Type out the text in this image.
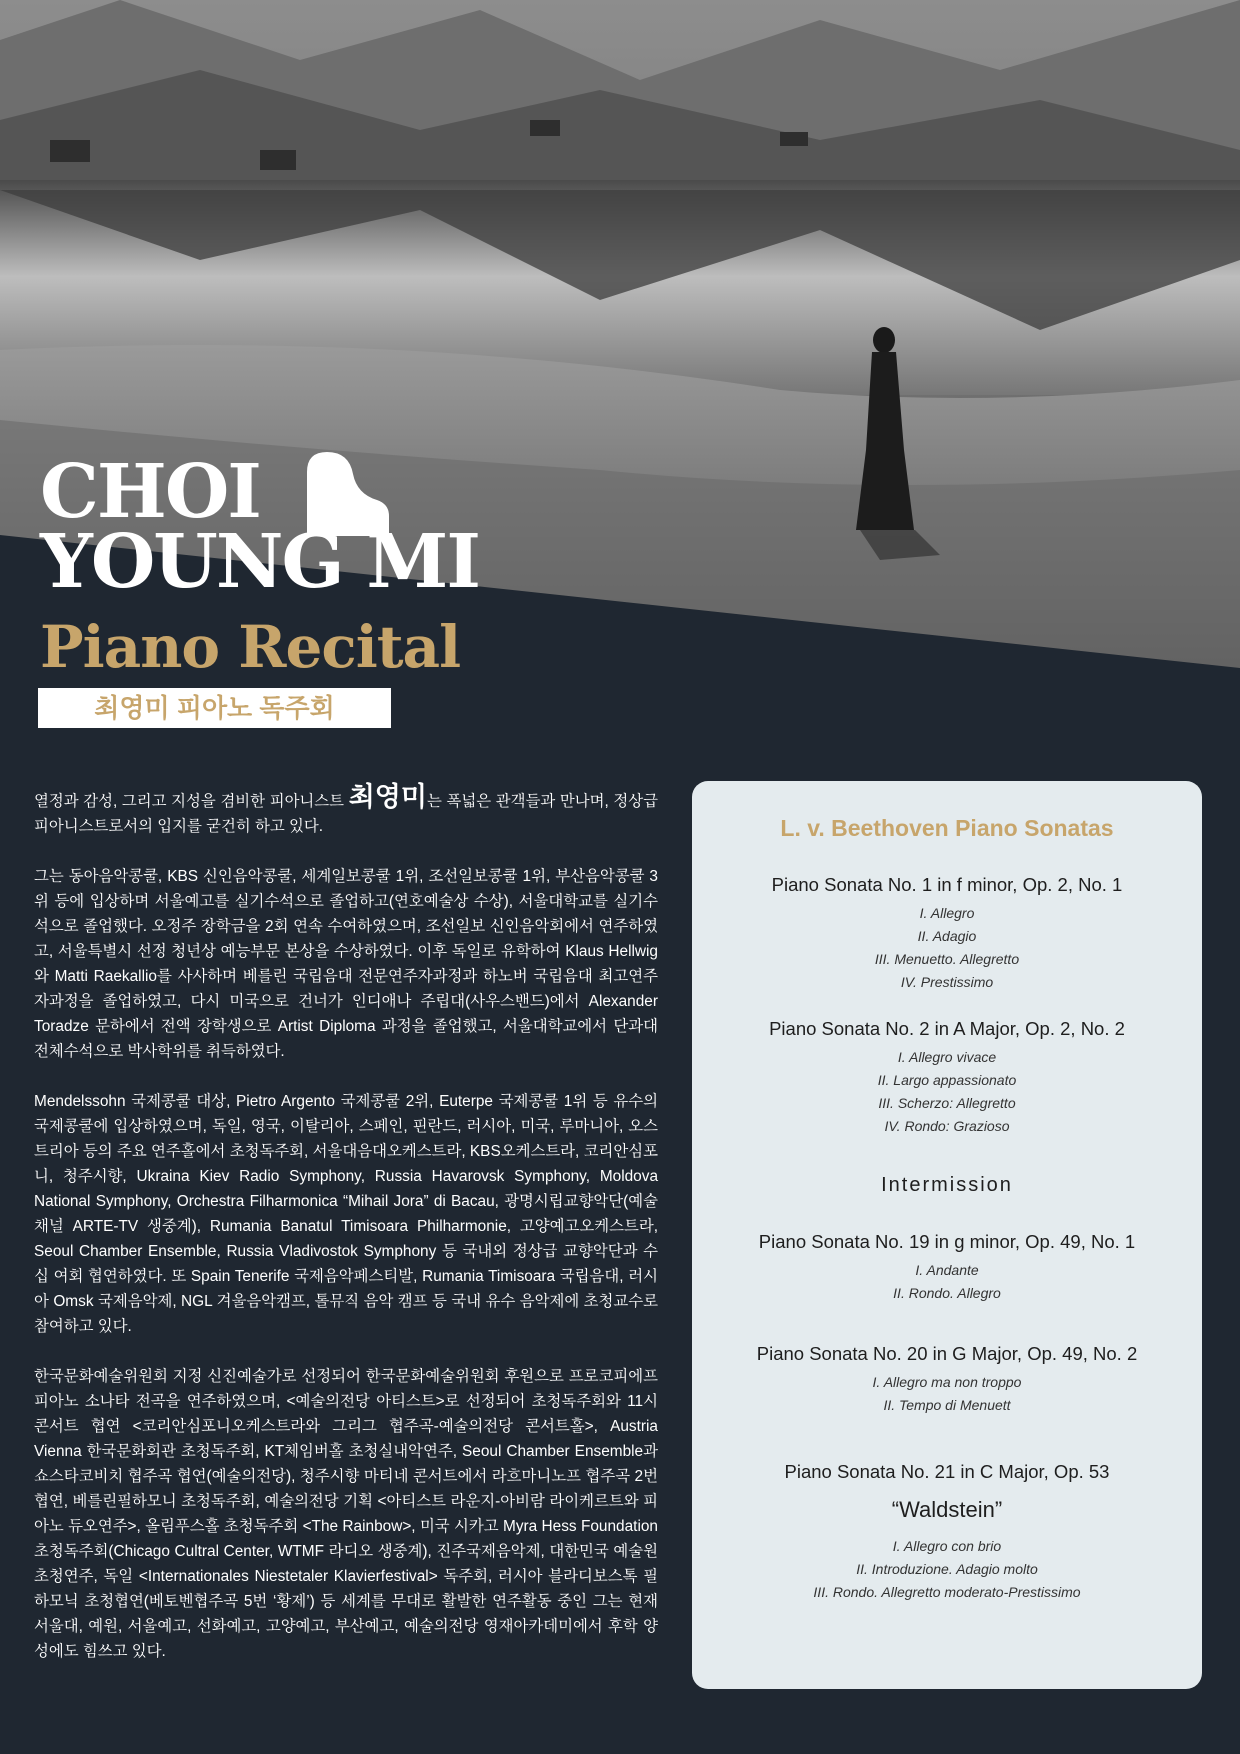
CHOI
YOUNG MI
Piano Recital
최영미 피아노 독주회

열정과 감성, 그리고 지성을 겸비한 피아니스트 최영미는 폭넓은 관객들과 만나며, 정상급 피아니스트로서의 입지를 굳건히 하고 있다.

그는 동아음악콩쿨, KBS 신인음악콩쿨, 세계일보콩쿨 1위, 조선일보콩쿨 1위, 부산음악콩쿨 3위 등에 입상하며 서울예고를 실기수석으로 졸업하고(연호예술상 수상), 서울대학교를 실기수석으로 졸업했다. 오정주 장학금을 2회 연속 수여하였으며, 조선일보 신인음악회에서 연주하였고, 서울특별시 선정 청년상 예능부문 본상을 수상하였다. 이후 독일로 유학하여 Klaus Hellwig와 Matti Raekallio를 사사하며 베를린 국립음대 전문연주자과정과 하노버 국립음대 최고연주자과정을 졸업하였고, 다시 미국으로 건너가 인디애나 주립대(사우스밴드)에서 Alexander Toradze 문하에서 전액 장학생으로 Artist Diploma 과정을 졸업했고, 서울대학교에서 단과대 전체수석으로 박사학위를 취득하였다.

Mendelssohn 국제콩쿨 대상, Pietro Argento 국제콩쿨 2위, Euterpe 국제콩쿨 1위 등 유수의 국제콩쿨에 입상하였으며, 독일, 영국, 이탈리아, 스페인, 핀란드, 러시아, 미국, 루마니아, 오스트리아 등의 주요 연주홀에서 초청독주회, 서울대음대오케스트라, KBS오케스트라, 코리안심포니, 청주시향, Ukraina Kiev Radio Symphony, Russia Havarovsk Symphony, Moldova National Symphony, Orchestra Filharmonica “Mihail Jora” di Bacau, 광명시립교향악단(예술채널 ARTE-TV 생중계), Rumania Banatul Timisoara Philharmonie, 고양예고오케스트라, Seoul Chamber Ensemble, Russia Vladivostok Symphony 등 국내외 정상급 교향악단과 수 십 여회 협연하였다. 또 Spain Tenerife 국제음악페스티발, Rumania Timisoara 국립음대, 러시아 Omsk 국제음악제, NGL 겨울음악캠프, 톨뮤직 음악 캠프 등 국내 유수 음악제에 초청교수로 참여하고 있다.

한국문화예술위원회 지정 신진예술가로 선정되어 한국문화예술위원회 후원으로 프로코피에프 피아노 소나타 전곡을 연주하였으며, <예술의전당 아티스트>로 선정되어 초청독주회와 11시 콘서트 협연 <코리안심포니오케스트라와 그리그 협주곡-예술의전당 콘서트홀>, Austria Vienna 한국문화회관 초청독주회, KT체임버홀 초청실내악연주, Seoul Chamber Ensemble과 쇼스타코비치 협주곡 협연(예술의전당), 청주시향 마티네 콘서트에서 라흐마니노프 협주곡 2번 협연, 베를린필하모니 초청독주회, 예술의전당 기획 <아티스트 라운지-아비람 라이케르트와 피아노 듀오연주>, 올림푸스홀 초청독주회 <The Rainbow>, 미국 시카고 Myra Hess Foundation 초청독주회(Chicago Cultral Center, WTMF 라디오 생중계), 진주국제음악제, 대한민국 예술원 초청연주, 독일 <Internationales Niestetaler Klavierfestival> 독주회, 러시아 블라디보스톡 필하모닉 초청협연(베토벤협주곡 5번 ‘황제’) 등 세계를 무대로 활발한 연주활동 중인 그는 현재 서울대, 예원, 서울예고, 선화예고, 고양예고, 부산예고, 예술의전당 영재아카데미에서 후학 양성에도 힘쓰고 있다.

L. v. Beethoven Piano Sonatas
Piano Sonata No. 1 in f minor, Op. 2, No. 1
I. Allegro
II. Adagio
III. Menuetto. Allegretto
IV. Prestissimo
Piano Sonata No. 2 in A Major, Op. 2, No. 2
I. Allegro vivace
II. Largo appassionato
III. Scherzo: Allegretto
IV. Rondo: Grazioso
Intermission
Piano Sonata No. 19 in g minor, Op. 49, No. 1
I. Andante
II. Rondo. Allegro
Piano Sonata No. 20 in G Major, Op. 49, No. 2
I. Allegro ma non troppo
II. Tempo di Menuett
Piano Sonata No. 21 in C Major, Op. 53
“Waldstein”
I. Allegro con brio
II. Introduzione. Adagio molto
III. Rondo. Allegretto moderato-Prestissimo
